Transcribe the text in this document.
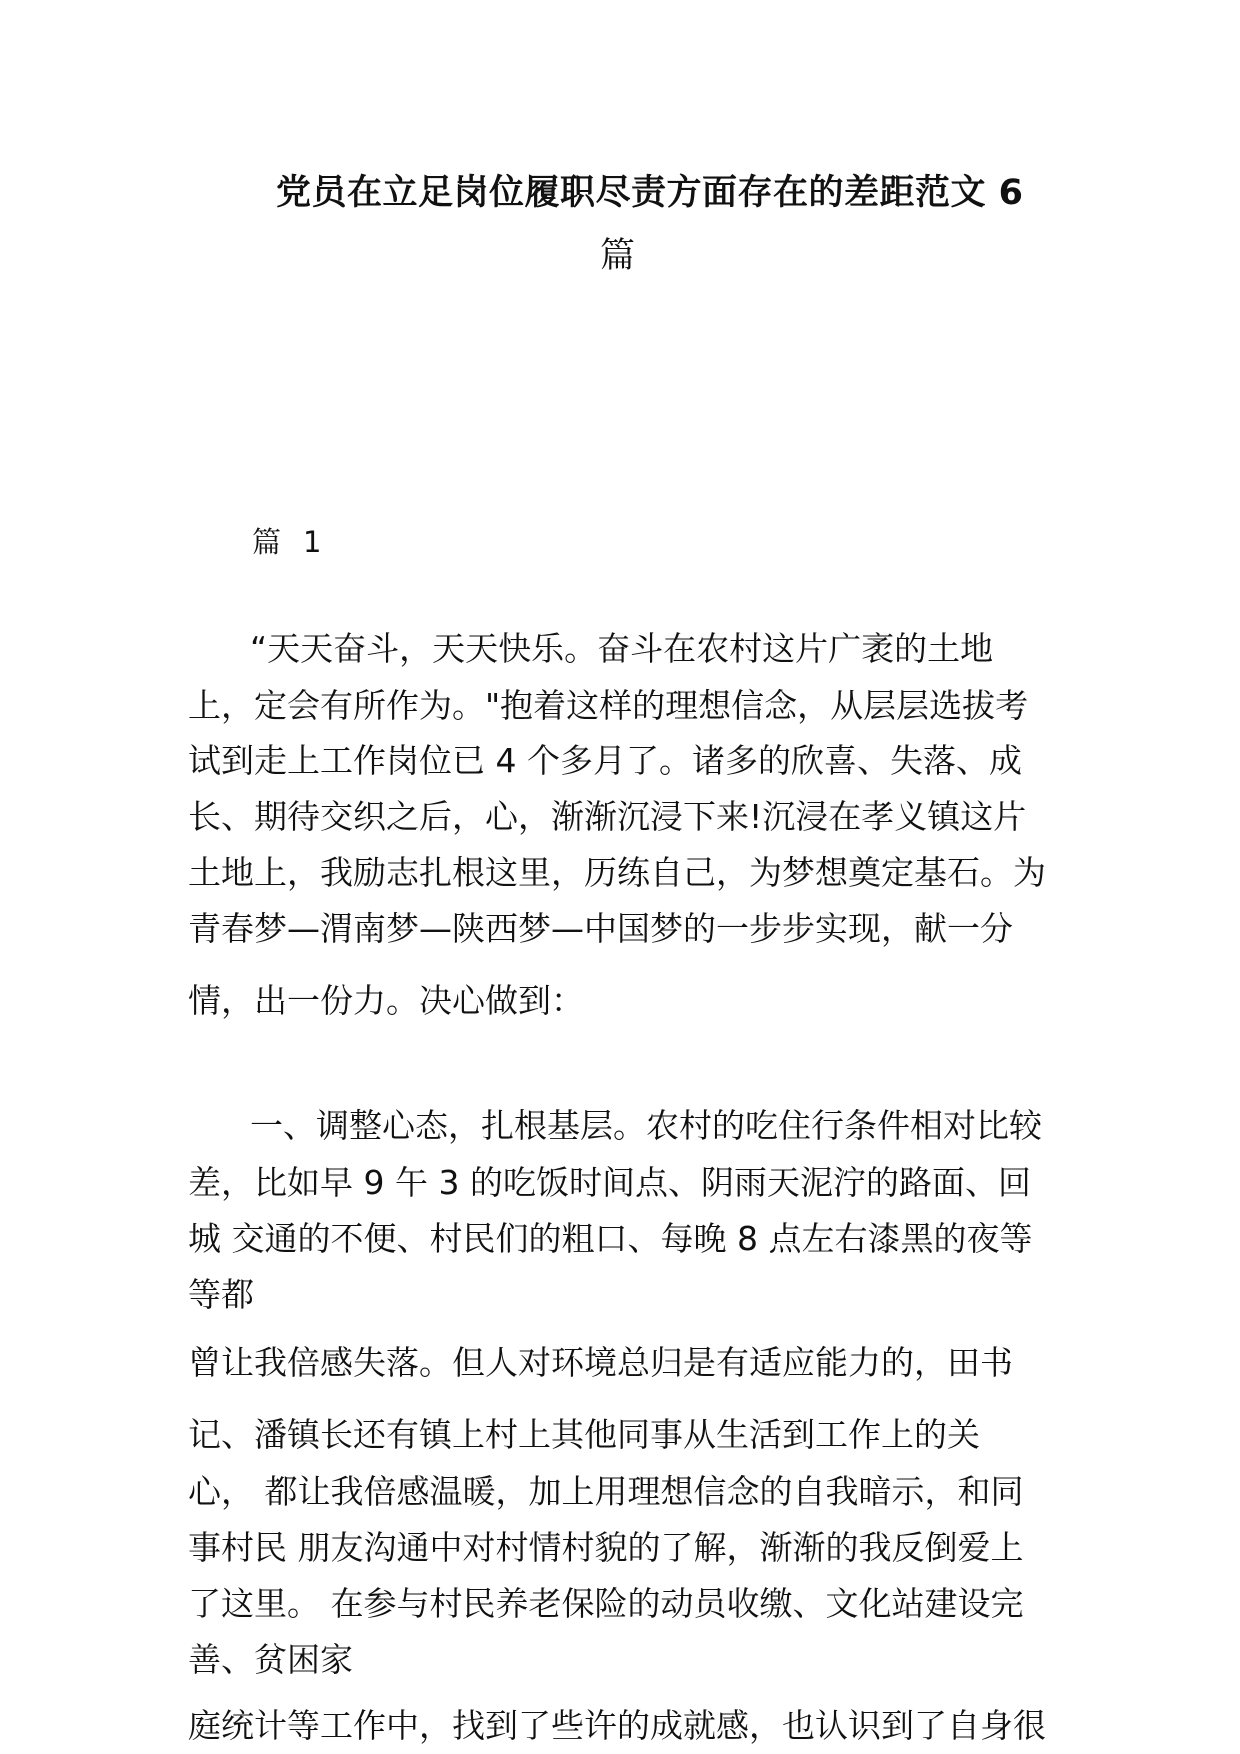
党员在立足岗位履职尽责方面存在的差距范文 6
篇
篇 1
“天天奋斗，天天快乐。奋斗在农村这片广袤的土地
上，定会有所作为。"抱着这样的理想信念，从层层选拔考
试到走上工作岗位已 4 个多月了。诸多的欣喜、失落、成
长、期待交织之后，心，渐渐沉浸下来!沉浸在孝义镇这片
土地上，我励志扎根这里，历练自己，为梦想奠定基石。为
青春梦—渭南梦—陕西梦—中国梦的一步步实现，献一分
情，出一份力。决心做到：
一、调整心态，扎根基层。农村的吃住行条件相对比较
差，比如早 9 午 3 的吃饭时间点、阴雨天泥泞的路面、回
城 交通的不便、村民们的粗口、每晚 8 点左右漆黑的夜等
等都
曾让我倍感失落。但人对环境总归是有适应能力的，田书
记、潘镇长还有镇上村上其他同事从生活到工作上的关
心， 都让我倍感温暖，加上用理想信念的自我暗示，和同
事村民 朋友沟通中对村情村貌的了解，渐渐的我反倒爱上
了这里。 在参与村民养老保险的动员收缴、文化站建设完
善、贫困家
庭统计等工作中，找到了些许的成就感，也认识到了自身很
